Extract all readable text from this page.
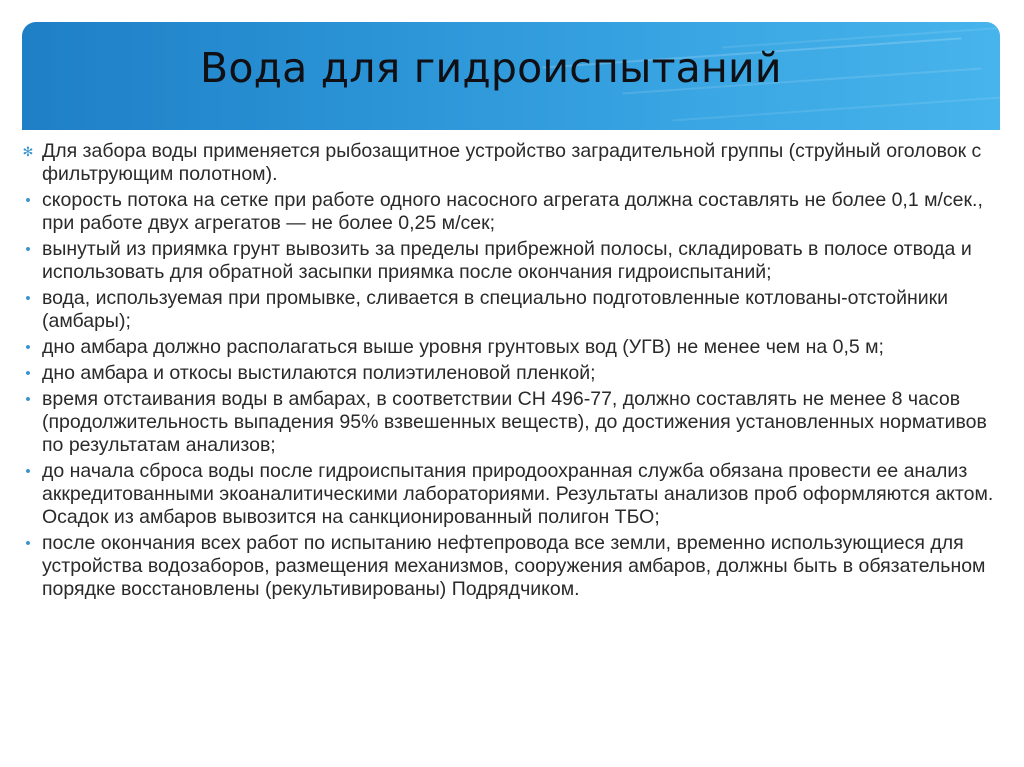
Вода для гидроиспытаний
✻ Для забора воды применяется рыбозащитное устройство заградительной группы (струйный оголовок с фильтрующим полотном).
• скорость потока на сетке при работе одного насосного агрегата должна составлять не более 0,1 м/сек., при работе двух агрегатов — не более 0,25 м/сек;
• вынутый из приямка грунт вывозить за пределы прибрежной полосы, складировать в полосе отвода и использовать для обратной засыпки приямка после окончания гидроиспытаний;
• вода, используемая при промывке, сливается в специально подготовленные котлованы-отстойники (амбары);
• дно амбара должно располагаться выше уровня грунтовых вод (УГВ) не менее чем на 0,5 м;
• дно амбара и откосы выстилаются полиэтиленовой пленкой;
• время отстаивания воды в амбарах, в соответствии СН 496-77, должно составлять не менее 8 часов (продолжительность выпадения 95% взвешенных веществ), до достижения установленных нормативов по результатам анализов;
• до начала сброса воды после гидроиспытания природоохранная служба обязана провести ее анализ аккредитованными экоаналитическими лабораториями. Результаты анализов проб оформляются актом. Осадок из амбаров вывозится на санкционированный полигон ТБО;
• после окончания всех работ по испытанию нефтепровода все земли, временно использующиеся для устройства водозаборов, размещения механизмов, сооружения амбаров, должны быть в обязательном порядке восстановлены (рекультивированы) Подрядчиком.
